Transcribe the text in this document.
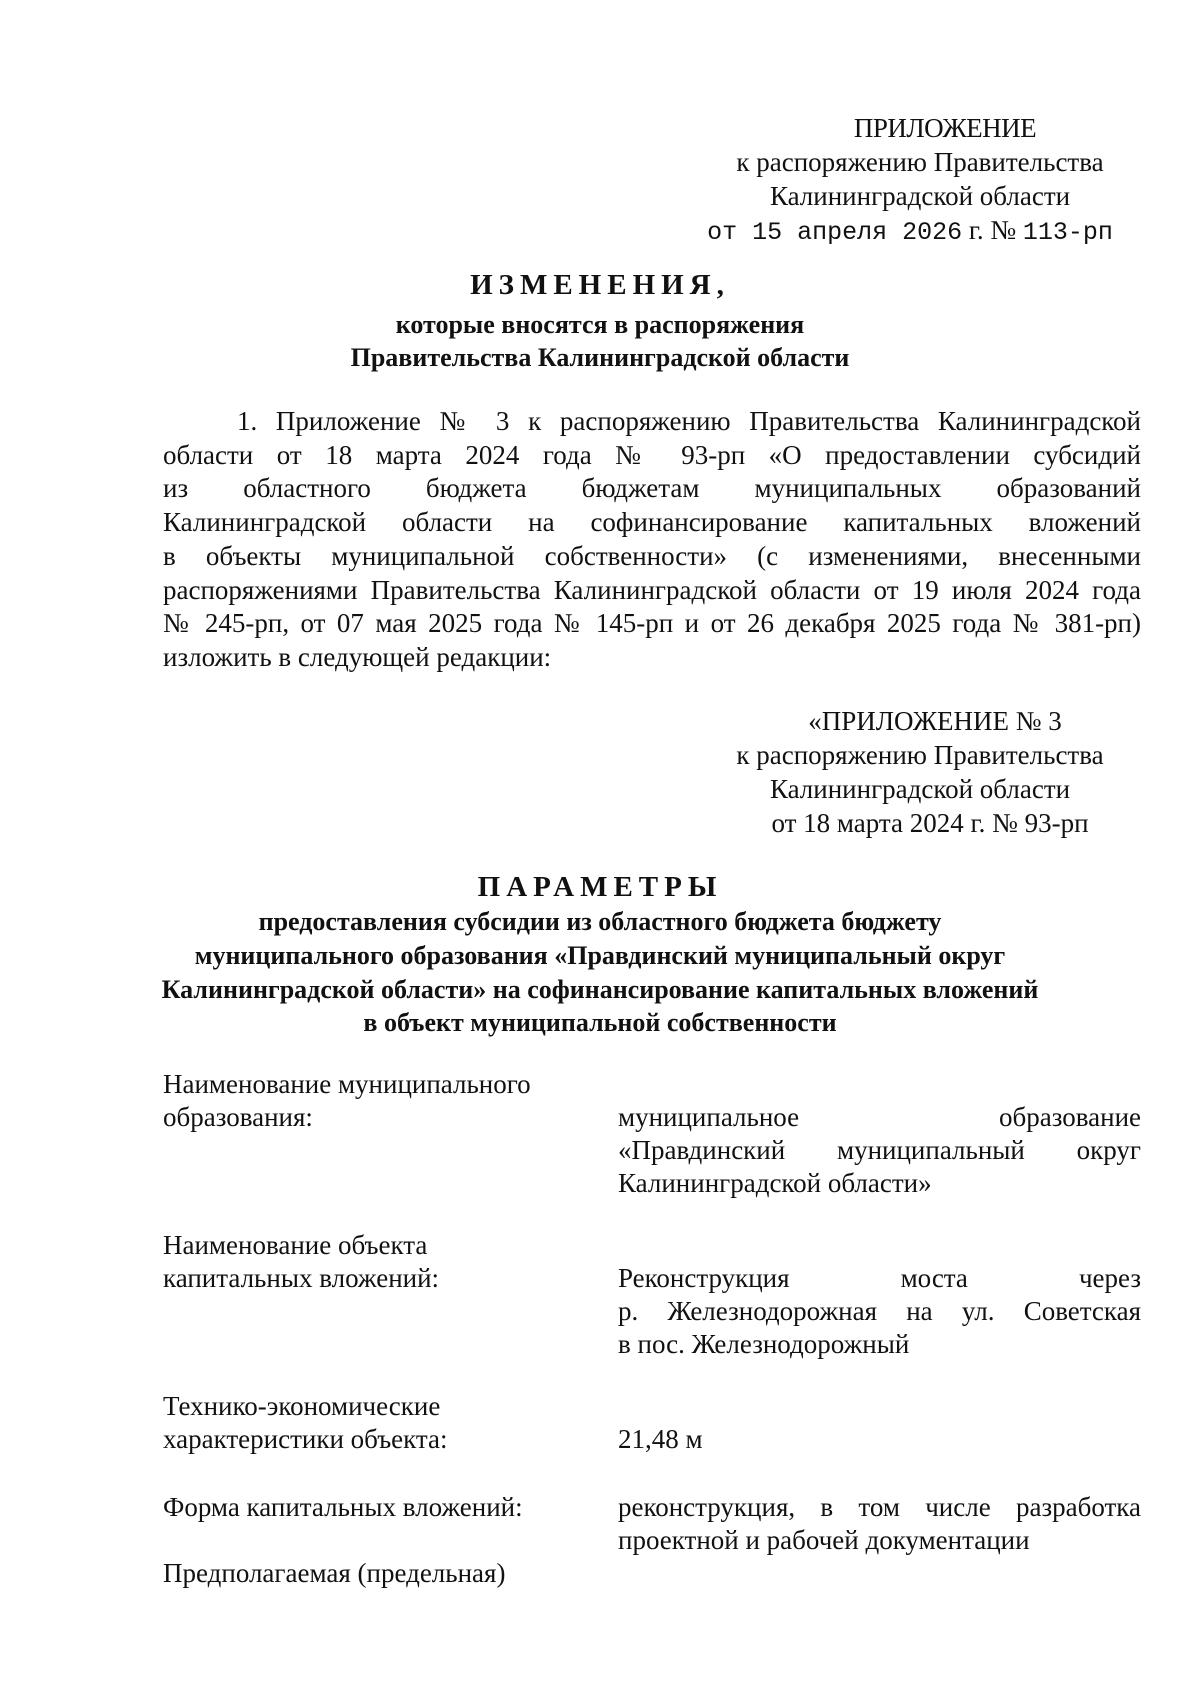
ПРИЛОЖЕНИЕ
к распоряжению Правительства
Калининградской области
от 15 апреля 2026 г. № 113-рп
ИЗМЕНЕНИЯ,
которые вносятся в распоряжения
Правительства Калининградской области
1. Приложение № 3 к распоряжению Правительства Калининградской
области от 18 марта 2024 года № 93-рп «О предоставлении субсидий
из областного бюджета бюджетам муниципальных образований
Калининградской области на софинансирование капитальных вложений
в объекты муниципальной собственности» (с изменениями, внесенными
распоряжениями Правительства Калининградской области от 19 июля 2024 года
№ 245-рп, от 07 мая 2025 года № 145-рп и от 26 декабря 2025 года № 381-рп)
изложить в следующей редакции:
«ПРИЛОЖЕНИЕ № 3
к распоряжению Правительства
Калининградской области
от 18 марта 2024 г. № 93-рп
ПАРАМЕТРЫ
предоставления субсидии из областного бюджета бюджету
муниципального образования «Правдинский муниципальный округ
Калининградской области» на софинансирование капитальных вложений
в объект муниципальной собственности
Наименование муниципального
образования:	муниципальное образование
«Правдинский муниципальный округ
Калининградской области»
Наименование объекта
капитальных вложений:	Реконструкция моста через
р. Железнодорожная на ул. Советская
в пос. Железнодорожный
Технико-экономические
характеристики объекта:	21,48 м
Форма капитальных вложений:	реконструкция, в том числе разработка
проектной и рабочей документации
Предполагаемая (предельная)
